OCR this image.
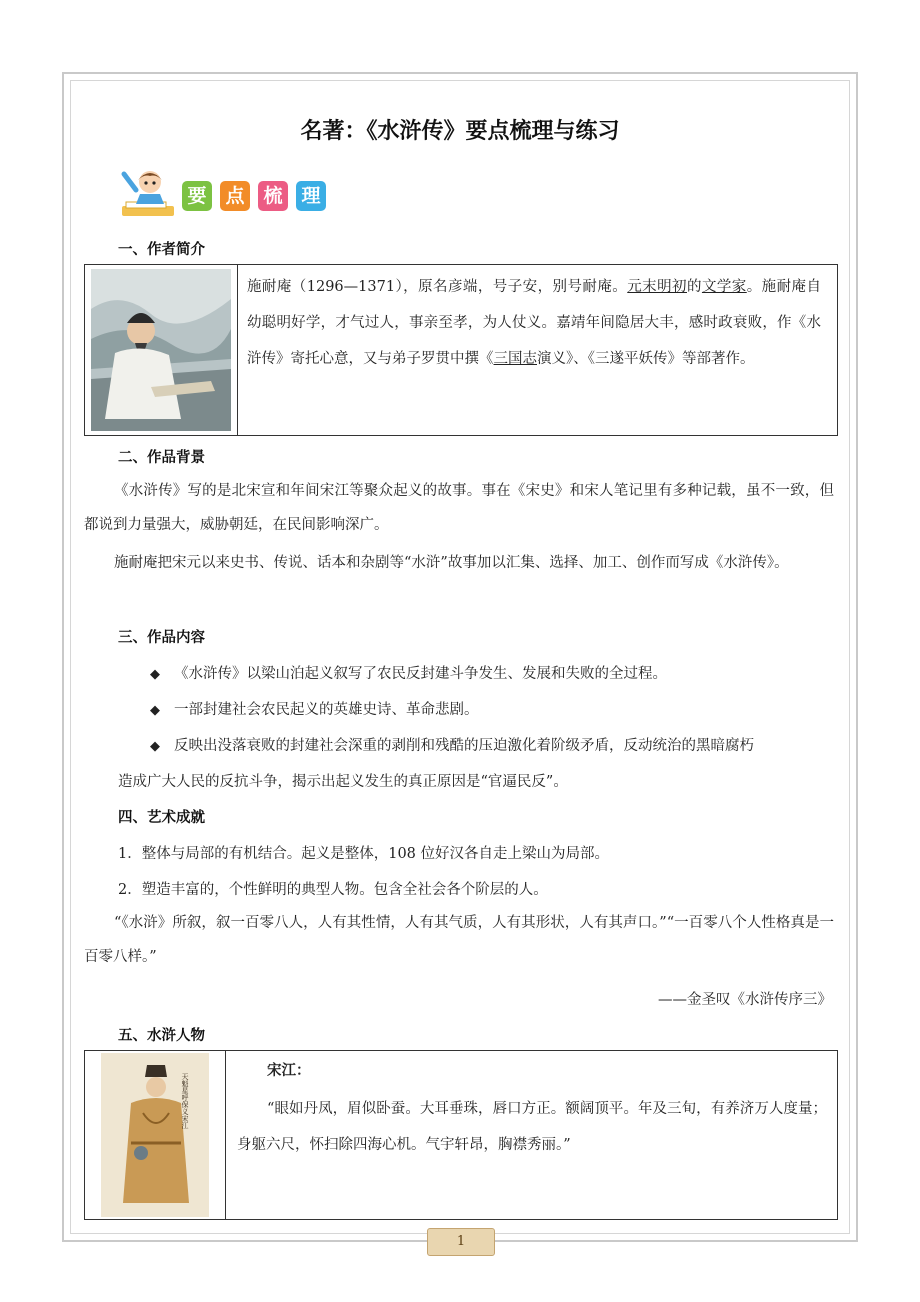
名著：《水浒传》要点梳理与练习
要 点 梳 理
一、作者简介
施耐庵（1296—1371），原名彦端，号子安，别号耐庵。元末明初的文学家。施耐庵自幼聪明好学，才气过人，事亲至孝，为人仗义。嘉靖年间隐居大丰，感时政衰败，作《水浒传》寄托心意，又与弟子罗贯中撰《三国志演义》、《三遂平妖传》等部著作。
二、作品背景
《水浒传》写的是北宋宣和年间宋江等聚众起义的故事。事在《宋史》和宋人笔记里有多种记载，虽不一致，但都说到力量强大，威胁朝廷，在民间影响深广。
施耐庵把宋元以来史书、传说、话本和杂剧等“水浒”故事加以汇集、选择、加工、创作而写成《水浒传》。
三、作品内容
◆ 《水浒传》以梁山泊起义叙写了农民反封建斗争发生、发展和失败的全过程。
◆ 一部封建社会农民起义的英雄史诗、革命悲剧。
◆ 反映出没落衰败的封建社会深重的剥削和残酷的压迫激化着阶级矛盾，反动统治的黑暗腐朽
造成广大人民的反抗斗争，揭示出起义发生的真正原因是“官逼民反”。
四、艺术成就
1．整体与局部的有机结合。起义是整体，108 位好汉各自走上梁山为局部。
2．塑造丰富的，个性鲜明的典型人物。包含全社会各个阶层的人。
“《水浒》所叙，叙一百零八人，人有其性情，人有其气质，人有其形状，人有其声口。”“一百零八个人性格真是一百零八样。”
——金圣叹《水浒传序三》
五、水浒人物
天魁星呼保义宋江
宋江：
“眼如丹凤，眉似卧蚕。大耳垂珠，唇口方正。额阔顶平。年及三旬，有养济万人度量；身躯六尺，怀扫除四海心机。气宇轩昂，胸襟秀丽。”
1
